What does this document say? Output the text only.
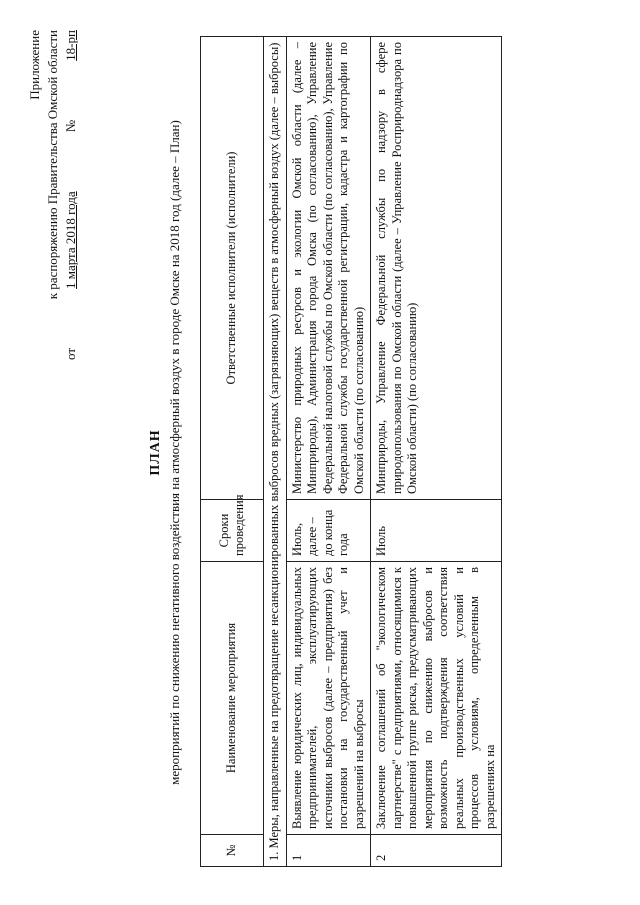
Приложение к распоряжению Правительства Омской области
от
1 марта 2018 года
№
18-рп
ПЛАН мероприятий по снижению негативного воздействия на атмосферный воздух в городе Омске на 2018 год (далее – План)
№	Наименование мероприятия	Сроки проведения	Ответственные исполнители (исполнители)
1. Меры, направленные на предотвращение несанкционированных выбросов вредных (загрязняющих) веществ в атмосферный воздух (далее – выбросы)			
1	Выявление юридических лиц, индивидуальных предпринимателей, эксплуатирующих источники выбросов (далее – предприятия) без постановки на государственный учет и разрешений на выбросы	Июль, далее – до конца года	Министерство природных ресурсов и экологии Омской области (далее – Минприроды), Администрация города Омска (по согласованию), Управление Федеральной налоговой службы по Омской области (по согласованию), Управление Федеральной службы государственной регистрации, кадастра и картографии по Омской области (по согласованию)
2	Заключение соглашений об "экологическом партнерстве" с предприятиями, относящимися к повышенной группе риска, предусматривающих мероприятия по снижению выбросов и возможность подтверждения соответствия реальных производственных условий и процессов условиям, определенным в разрешениях на	Июль	Минприроды, Управление Федеральной службы по надзору в сфере природопользования по Омской области (далее – Управление Росприроднадзора по Омской области) (по согласованию)
